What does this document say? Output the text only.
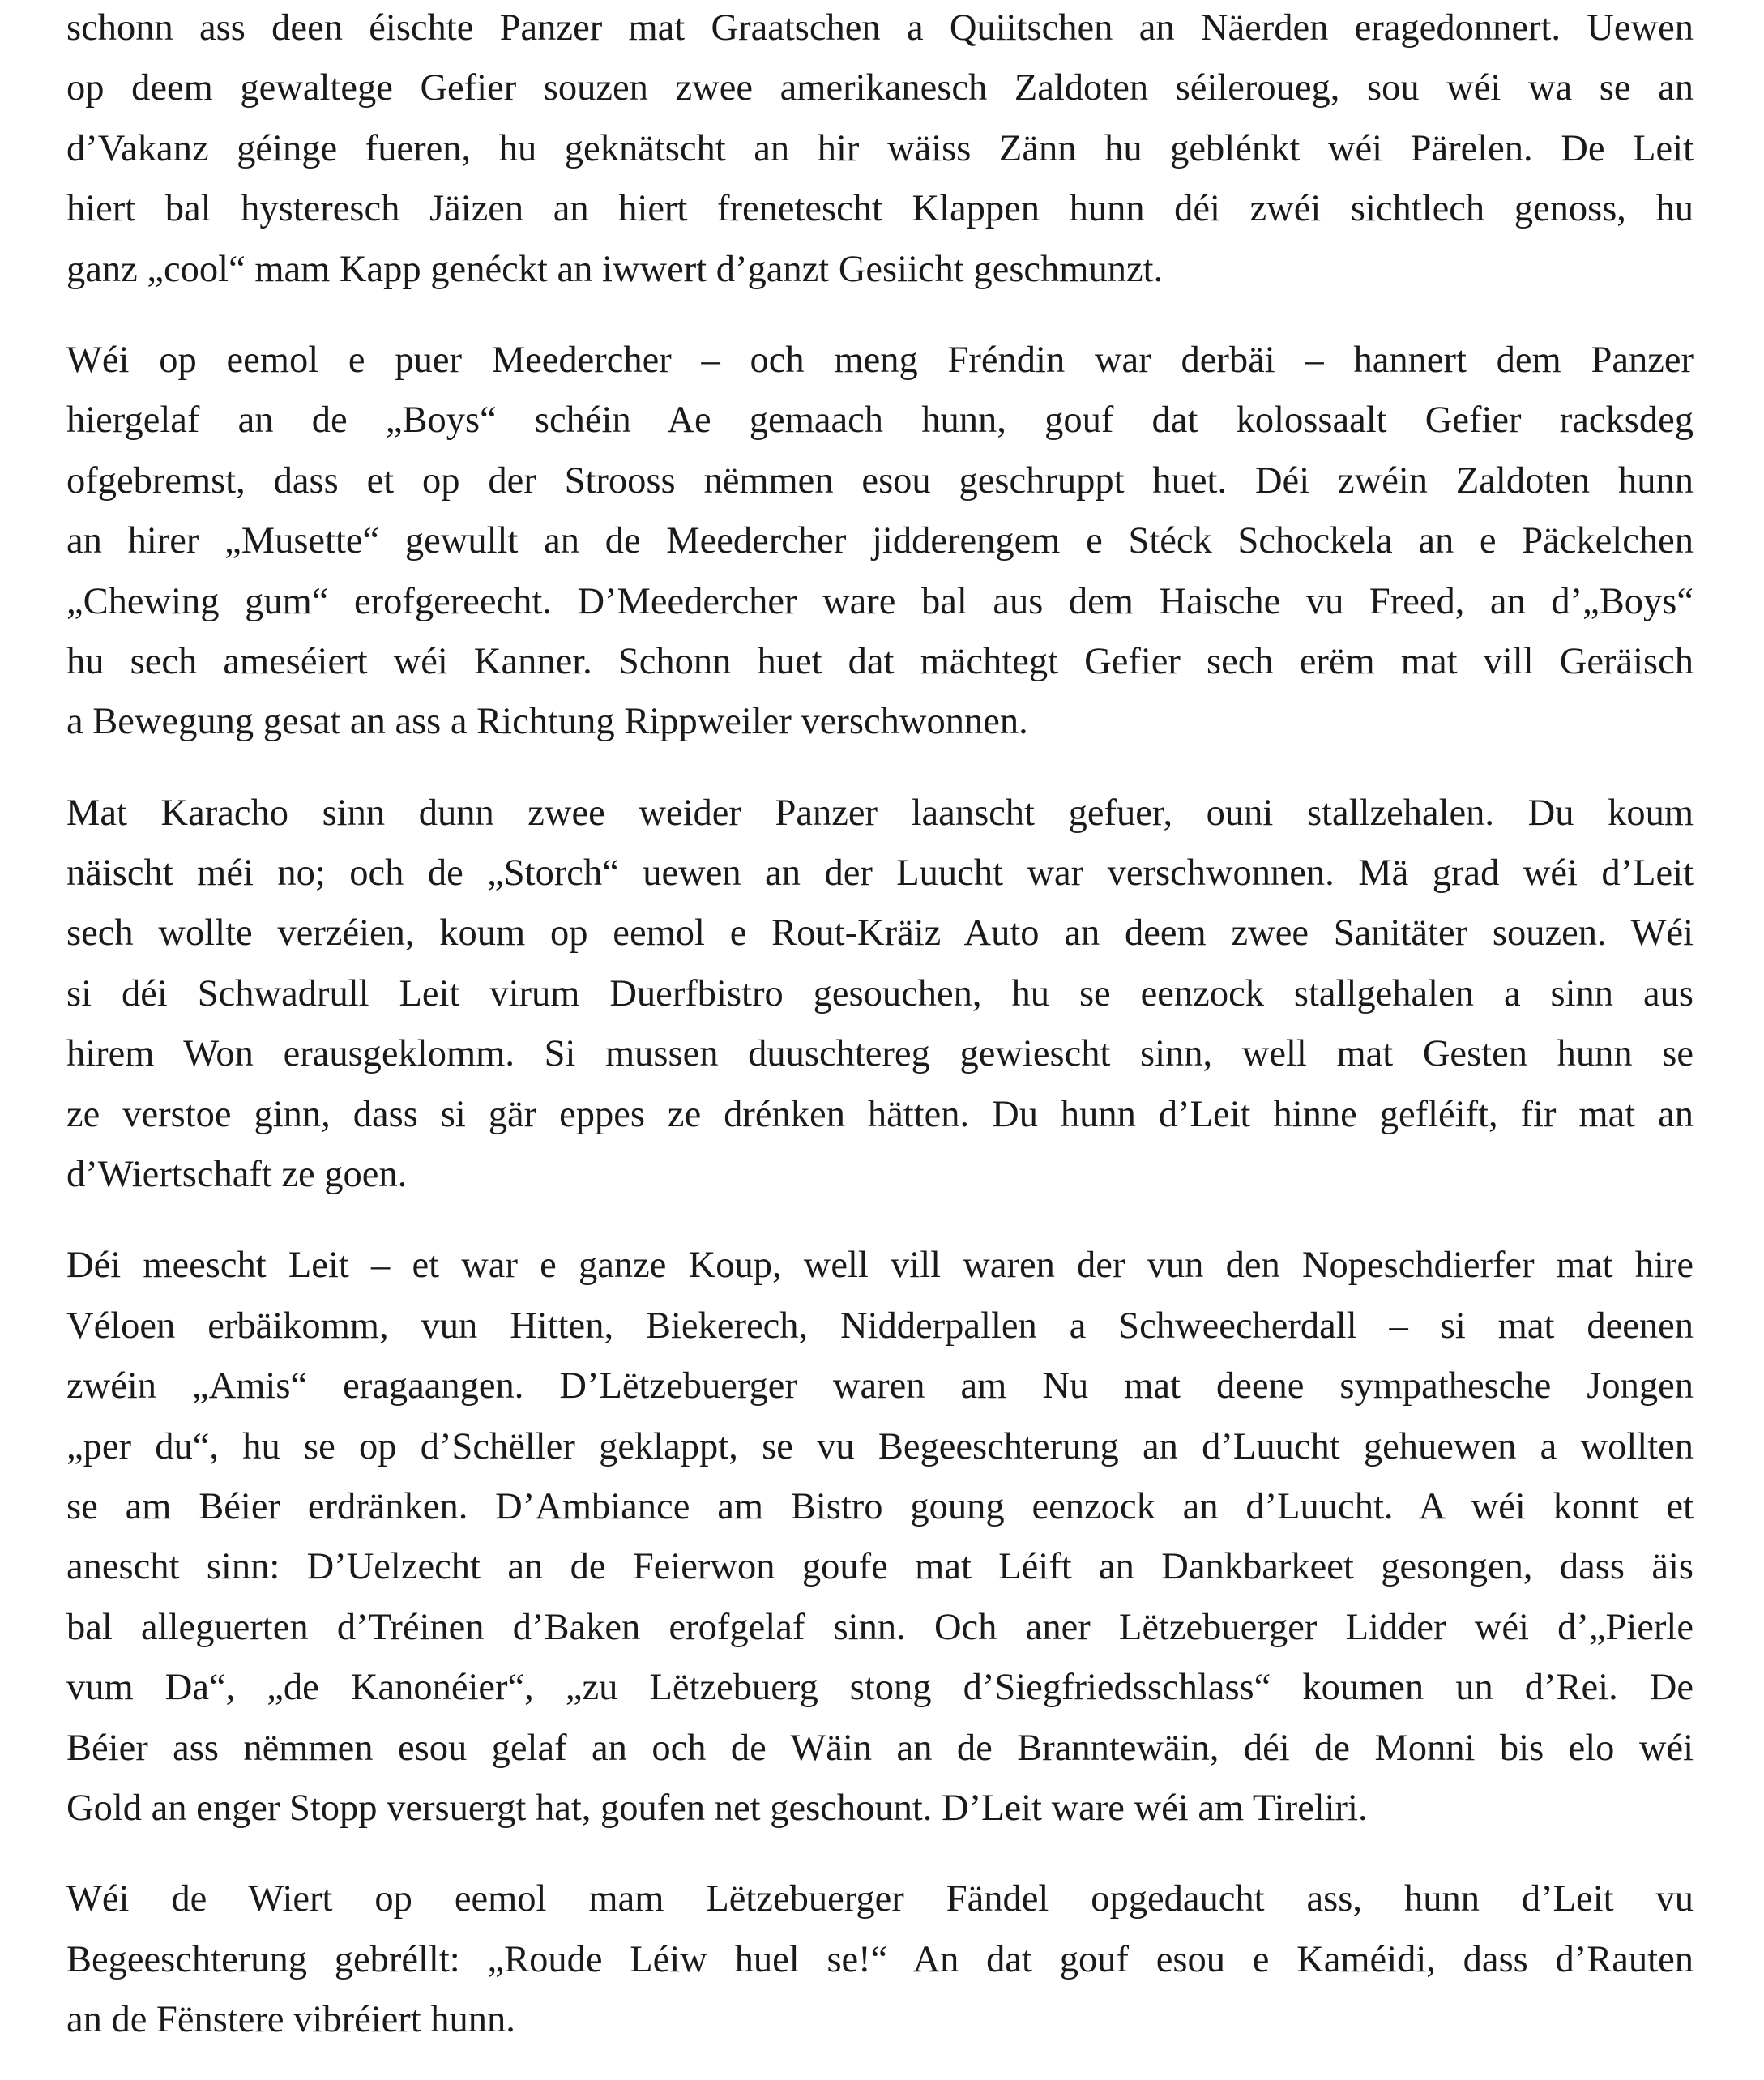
schonn ass deen éischte Panzer mat Graatschen a Quiitschen an Näerden eragedonnert. Uewen
op deem gewaltege Gefier souzen zwee amerikanesch Zaldoten séileroueg, sou wéi wa se an
d’Vakanz géinge fueren, hu geknätscht an hir wäiss Zänn hu geblénkt wéi Pärelen. De Leit
hiert bal hysteresch Jäizen an hiert frenetescht Klappen hunn déi zwéi sichtlech genoss, hu
ganz „cool“ mam Kapp genéckt an iwwert d’ganzt Gesiicht geschmunzt.
Wéi op eemol e puer Meedercher – och meng Fréndin war derbäi – hannert dem Panzer
hiergelaf an de „Boys“ schéin Ae gemaach hunn, gouf dat kolossaalt Gefier racksdeg
ofgebremst, dass et op der Strooss nëmmen esou geschruppt huet. Déi zwéin Zaldoten hunn
an hirer „Musette“ gewullt an de Meedercher jidderengem e Stéck Schockela an e Päckelchen
„Chewing gum“ erofgereecht. D’Meedercher ware bal aus dem Haische vu Freed, an d’„Boys“
hu sech ameséiert wéi Kanner. Schonn huet dat mächtegt Gefier sech erëm mat vill Geräisch
a Bewegung gesat an ass a Richtung Rippweiler verschwonnen.
Mat Karacho sinn dunn zwee weider Panzer laanscht gefuer, ouni stallzehalen. Du koum
näischt méi no; och de „Storch“ uewen an der Luucht war verschwonnen. Mä grad wéi d’Leit
sech wollte verzéien, koum op eemol e Rout-Kräiz Auto an deem zwee Sanitäter souzen. Wéi
si déi Schwadrull Leit virum Duerfbistro gesouchen, hu se eenzock stallgehalen a sinn aus
hirem Won erausgeklomm. Si mussen duuschtereg gewiescht sinn, well mat Gesten hunn se
ze verstoe ginn, dass si gär eppes ze drénken hätten. Du hunn d’Leit hinne gefléift, fir mat an
d’Wiertschaft ze goen.
Déi meescht Leit – et war e ganze Koup, well vill waren der vun den Nopeschdierfer mat hire
Véloen erbäikomm, vun Hitten, Biekerech, Nidderpallen a Schweecherdall – si mat deenen
zwéin „Amis“ eragaangen. D’Lëtzebuerger waren am Nu mat deene sympathesche Jongen
„per du“, hu se op d’Schëller geklappt, se vu Begeeschterung an d’Luucht gehuewen a wollten
se am Béier erdränken. D’Ambiance am Bistro goung eenzock an d’Luucht. A wéi konnt et
anescht sinn: D’Uelzecht an de Feierwon goufe mat Léift an Dankbarkeet gesongen, dass äis
bal alleguerten d’Tréinen d’Baken erofgelaf sinn. Och aner Lëtzebuerger Lidder wéi d’„Pierle
vum Da“, „de Kanonéier“, „zu Lëtzebuerg stong d’Siegfriedsschlass“ koumen un d’Rei. De
Béier ass nëmmen esou gelaf an och de Wäin an de Branntewäin, déi de Monni bis elo wéi
Gold an enger Stopp versuergt hat, goufen net geschount. D’Leit ware wéi am Tireliri.
Wéi de Wiert op eemol mam Lëtzebuerger Fändel opgedaucht ass, hunn d’Leit vu
Begeeschterung gebréllt: „Roude Léiw huel se!“ An dat gouf esou e Kaméidi, dass d’Rauten
an de Fënstere vibréiert hunn.
